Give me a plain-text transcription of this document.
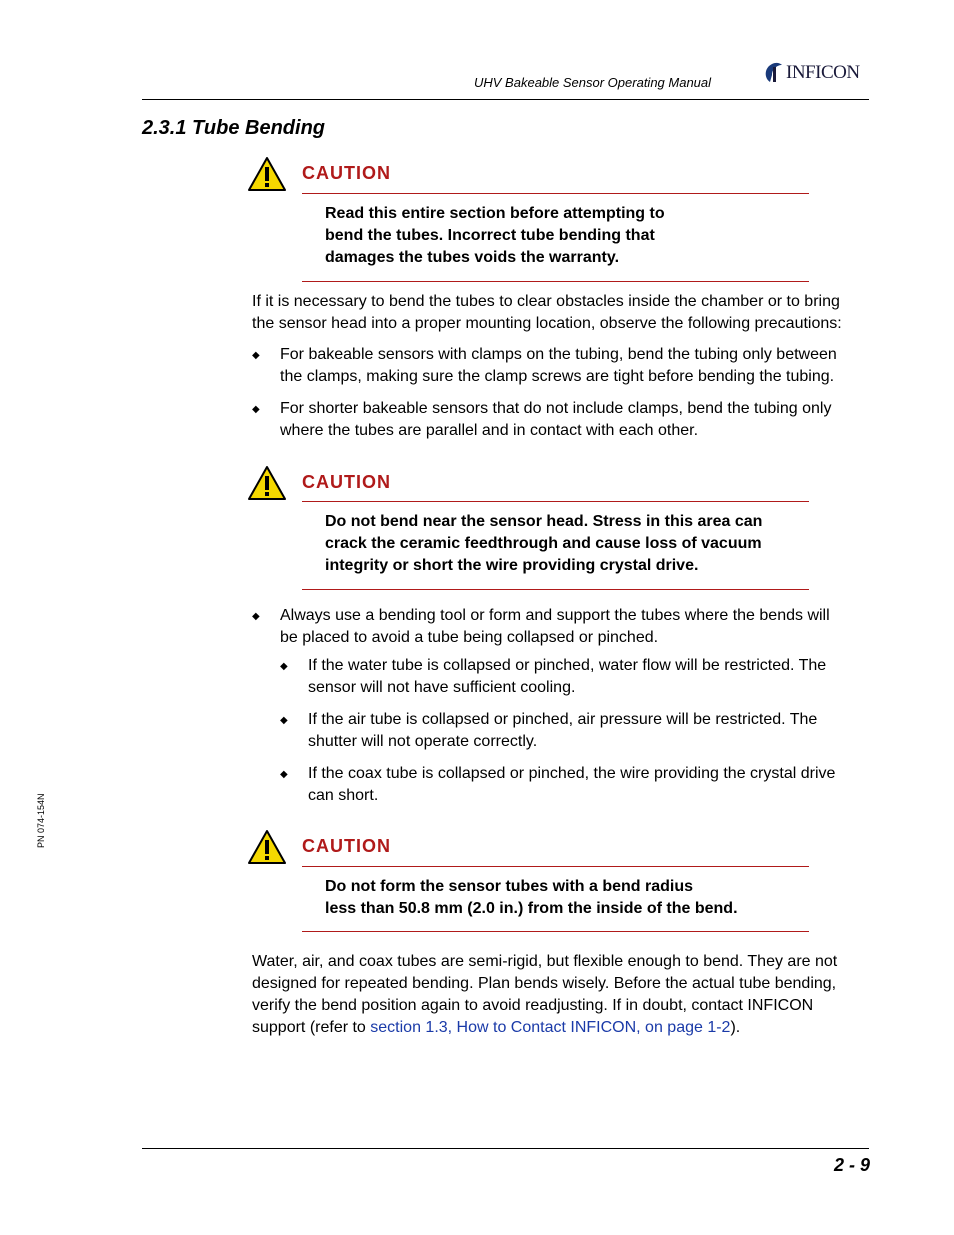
UHV Bakeable Sensor Operating Manual	INFICON
2.3.1 Tube Bending
CAUTION
Read this entire section before attempting to
bend the tubes. Incorrect tube bending that
damages the tubes voids the warranty.
If it is necessary to bend the tubes to clear obstacles inside the chamber or to bring
the sensor head into a proper mounting location, observe the following precautions:
◆ For bakeable sensors with clamps on the tubing, bend the tubing only between
the clamps, making sure the clamp screws are tight before bending the tubing.
◆ For shorter bakeable sensors that do not include clamps, bend the tubing only
where the tubes are parallel and in contact with each other.
CAUTION
Do not bend near the sensor head. Stress in this area can
crack the ceramic feedthrough and cause loss of vacuum
integrity or short the wire providing crystal drive.
◆ Always use a bending tool or form and support the tubes where the bends will
be placed to avoid a tube being collapsed or pinched.
◆ If the water tube is collapsed or pinched, water flow will be restricted. The
sensor will not have sufficient cooling.
◆ If the air tube is collapsed or pinched, air pressure will be restricted. The
shutter will not operate correctly.
◆ If the coax tube is collapsed or pinched, the wire providing the crystal drive
can short.
PN 074-154N	CAUTION
Do not form the sensor tubes with a bend radius
less than 50.8 mm (2.0 in.) from the inside of the bend.
Water, air, and coax tubes are semi-rigid, but flexible enough to bend. They are not
designed for repeated bending. Plan bends wisely. Before the actual tube bending,
verify the bend position again to avoid readjusting. If in doubt, contact INFICON
support (refer to section 1.3, How to Contact INFICON, on page 1-2).
2 - 9
